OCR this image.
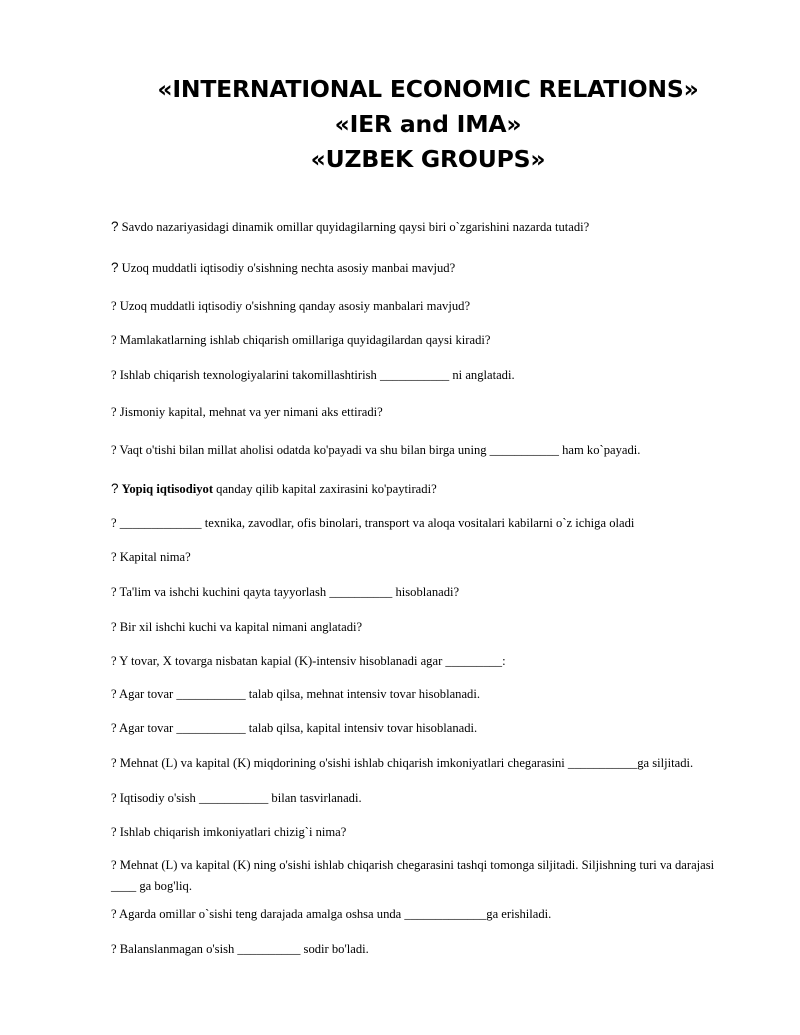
«INTERNATIONAL ECONOMIC RELATIONS»
«IER and IMA»
«UZBEK GROUPS»
? Savdo nazariyasidagi dinamik omillar quyidagilarning qaysi biri o`zgarishini nazarda tutadi?
? Uzoq muddatli iqtisodiy o'sishning nechta asosiy manbai mavjud?
? Uzoq muddatli iqtisodiy o'sishning qanday asosiy manbalari mavjud?
? Mamlakatlarning ishlab chiqarish omillariga quyidagilardan qaysi kiradi?
? Ishlab chiqarish texnologiyalarini takomillashtirish ___________ ni anglatadi.
? Jismoniy kapital, mehnat va yer nimani aks ettiradi?
? Vaqt o'tishi bilan millat aholisi odatda ko'payadi va shu bilan birga uning ___________ ham ko`payadi.
? Yopiq iqtisodiyot qanday qilib kapital zaxirasini ko'paytiradi?
? _____________ texnika, zavodlar, ofis binolari, transport va aloqa vositalari kabilarni o`z ichiga oladi
? Kapital nima?
? Ta'lim va ishchi kuchini qayta tayyorlash __________ hisoblanadi?
? Bir xil ishchi kuchi va kapital nimani anglatadi?
? Y tovar, X tovarga nisbatan kapial (K)-intensiv hisoblanadi agar _________:
? Agar tovar ___________ talab qilsa, mehnat intensiv tovar hisoblanadi.
? Agar tovar ___________ talab qilsa, kapital intensiv tovar hisoblanadi.
? Mehnat (L) va kapital (K) miqdorining o'sishi ishlab chiqarish imkoniyatlari chegarasini ___________ga siljitadi.
? Iqtisodiy o'sish ___________ bilan tasvirlanadi.
? Ishlab chiqarish imkoniyatlari chizig`i nima?
? Mehnat (L) va kapital (K) ning o'sishi ishlab chiqarish chegarasini tashqi tomonga siljitadi. Siljishning turi va darajasi ____ ga bog'liq.
? Agarda omillar o`sishi teng darajada amalga oshsa unda _____________ga erishiladi.
? Balanslanmagan o'sish __________ sodir bo'ladi.
